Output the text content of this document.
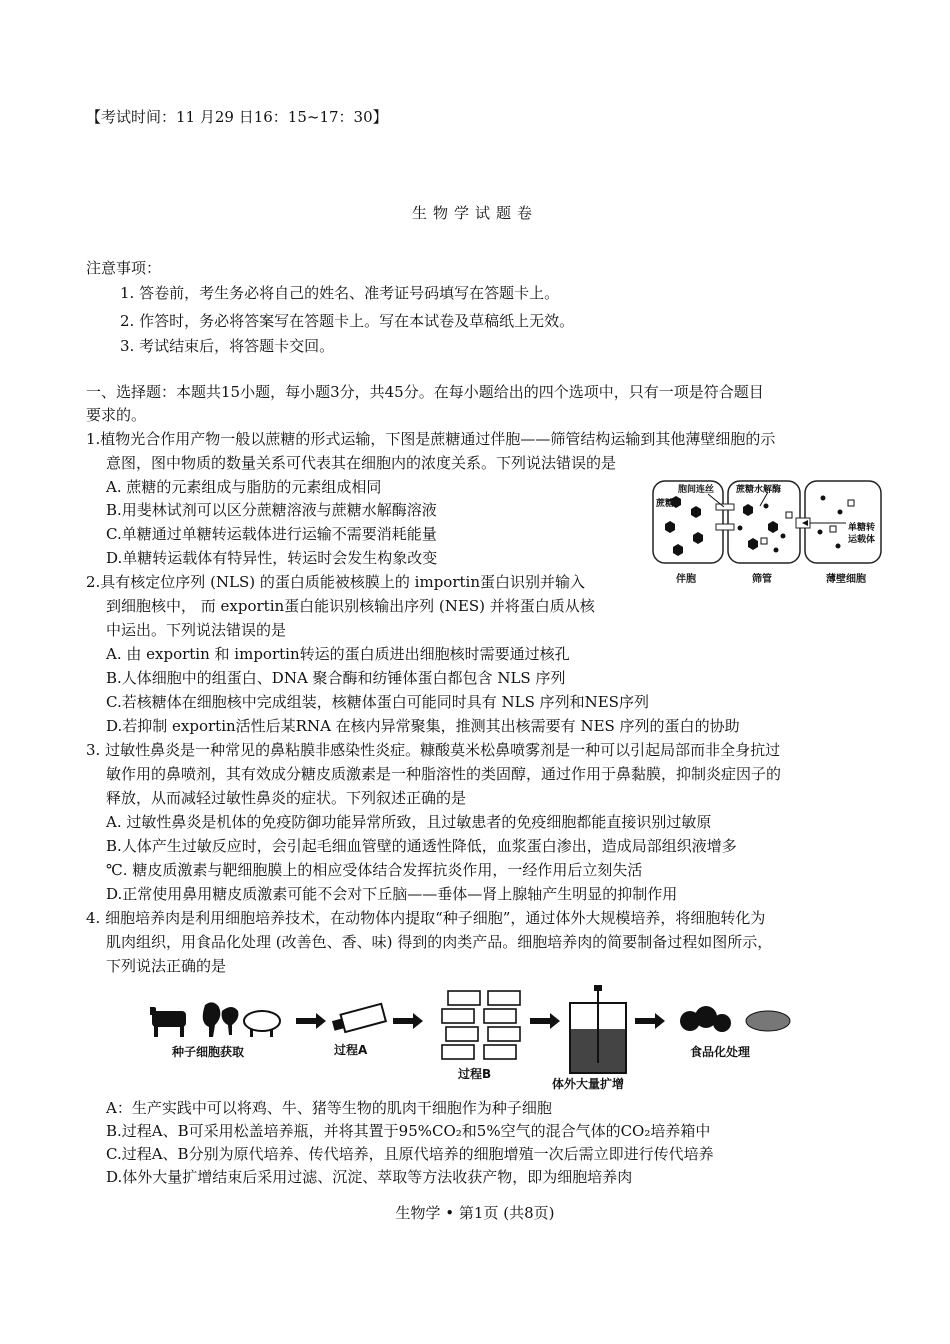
【考试时间：11 月29 日16：15~17：30】
生物学试题卷
注意事项：
1. 答卷前，考生务必将自己的姓名、准考证号码填写在答题卡上。
2. 作答时，务必将答案写在答题卡上。写在本试卷及草稿纸上无效。
3. 考试结束后，将答题卡交回。
一、选择题：本题共15小题，每小题3分，共45分。在每小题给出的四个选项中，只有一项是符合题目
要求的。
1.植物光合作用产物一般以蔗糖的形式运输，下图是蔗糖通过伴胞——筛管结构运输到其他薄壁细胞的示
意图，图中物质的数量关系可代表其在细胞内的浓度关系。下列说法错误的是
A. 蔗糖的元素组成与脂肪的元素组成相同
B.用斐林试剂可以区分蔗糖溶液与蔗糖水解酶溶液
C.单糖通过单糖转运载体进行运输不需要消耗能量
D.单糖转运载体有特异性，转运时会发生构象改变
胞间连丝 蔗糖水解酶
蔗糖
单糖转
运载体
伴胞	筛管	薄壁细胞
2.具有核定位序列 (NLS) 的蛋白质能被核膜上的 importin蛋白识别并输入
到细胞核中， 而 exportin蛋白能识别核输出序列 (NES) 并将蛋白质从核
中运出。下列说法错误的是
A. 由 exportin 和 importin转运的蛋白质进出细胞核时需要通过核孔
B.人体细胞中的组蛋白、DNA 聚合酶和纺锤体蛋白都包含 NLS 序列
C.若核糖体在细胞核中完成组装，核糖体蛋白可能同时具有 NLS 序列和NES序列
D.若抑制 exportin活性后某RNA 在核内异常聚集，推测其出核需要有 NES 序列的蛋白的协助
3. 过敏性鼻炎是一种常见的鼻粘膜非感染性炎症。糠酸莫米松鼻喷雾剂是一种可以引起局部而非全身抗过
敏作用的鼻喷剂，其有效成分糖皮质激素是一种脂溶性的类固醇，通过作用于鼻黏膜，抑制炎症因子的
释放，从而减轻过敏性鼻炎的症状。下列叙述正确的是
A. 过敏性鼻炎是机体的免疫防御功能异常所致，且过敏患者的免疫细胞都能直接识别过敏原
B.人体产生过敏反应时，会引起毛细血管壁的通透性降低，血浆蛋白渗出，造成局部组织液增多
℃. 糖皮质激素与靶细胞膜上的相应受体结合发挥抗炎作用，一经作用后立刻失活
D.正常使用鼻用糖皮质激素可能不会对下丘脑——垂体—肾上腺轴产生明显的抑制作用
4. 细胞培养肉是利用细胞培养技术，在动物体内提取“种子细胞”，通过体外大规模培养，将细胞转化为
肌肉组织，用食品化处理 (改善色、香、味) 得到的肉类产品。细胞培养肉的简要制备过程如图所示，
下列说法正确的是
种子细胞获取	过程A
过程B
体外大量扩增
食品化处理
A：生产实践中可以将鸡、牛、猪等生物的肌肉干细胞作为种子细胞
B.过程A、B可采用松盖培养瓶，并将其置于95%CO₂和5%空气的混合气体的CO₂培养箱中
C.过程A、B分别为原代培养、传代培养，且原代培养的细胞增殖一次后需立即进行传代培养
D.体外大量扩增结束后采用过滤、沉淀、萃取等方法收获产物，即为细胞培养肉
生物学 • 第1页 (共8页)
